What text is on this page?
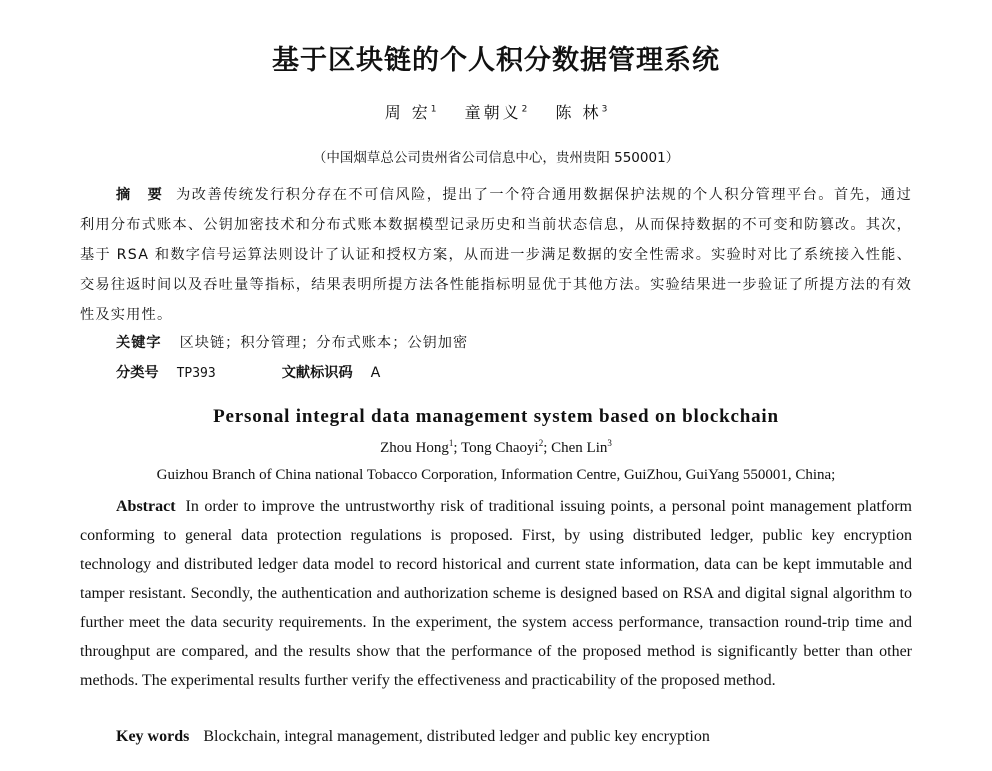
基于区块链的个人积分数据管理系统
周 宏$^1$ 童朝义$^2$ 陈 林$^3$
（中国烟草总公司贵州省公司信息中心，贵州贵阳 550001）
摘 要 为改善传统发行积分存在不可信风险，提出了一个符合通用数据保护法规的个人积分管理平台。首先，通过利用分布式账本、公钥加密技术和分布式账本数据模型记录历史和当前状态信息，从而保持数据的不可变和防篡改。其次，基于 RSA 和数字信号运算法则设计了认证和授权方案，从而进一步满足数据的安全性需求。实验时对比了系统接入性能、交易往返时间以及吞吐量等指标，结果表明所提方法各性能指标明显优于其他方法。实验结果进一步验证了所提方法的有效性及实用性。
关键字 区块链；积分管理；分布式账本；公钥加密
分类号 TP393	文献标识码 A
Personal integral data management system based on blockchain
Zhou Hong$^1$; Tong Chaoyi$^2$; Chen Lin$^3$
Guizhou Branch of China national Tobacco Corporation, Information Centre, GuiZhou, GuiYang 550001, China;
Abstract In order to improve the untrustworthy risk of traditional issuing points, a personal point management platform conforming to general data protection regulations is proposed. First, by using distributed ledger, public key encryption technology and distributed ledger data model to record historical and current state information, data can be kept immutable and tamper resistant. Secondly, the authentication and authorization scheme is designed based on RSA and digital signal algorithm to further meet the data security requirements. In the experiment, the system access performance, transaction round-trip time and throughput are compared, and the results show that the performance of the proposed method is significantly better than other methods. The experimental results further verify the effectiveness and practicability of the proposed method.
Key words Blockchain, integral management, distributed ledger and public key encryption
